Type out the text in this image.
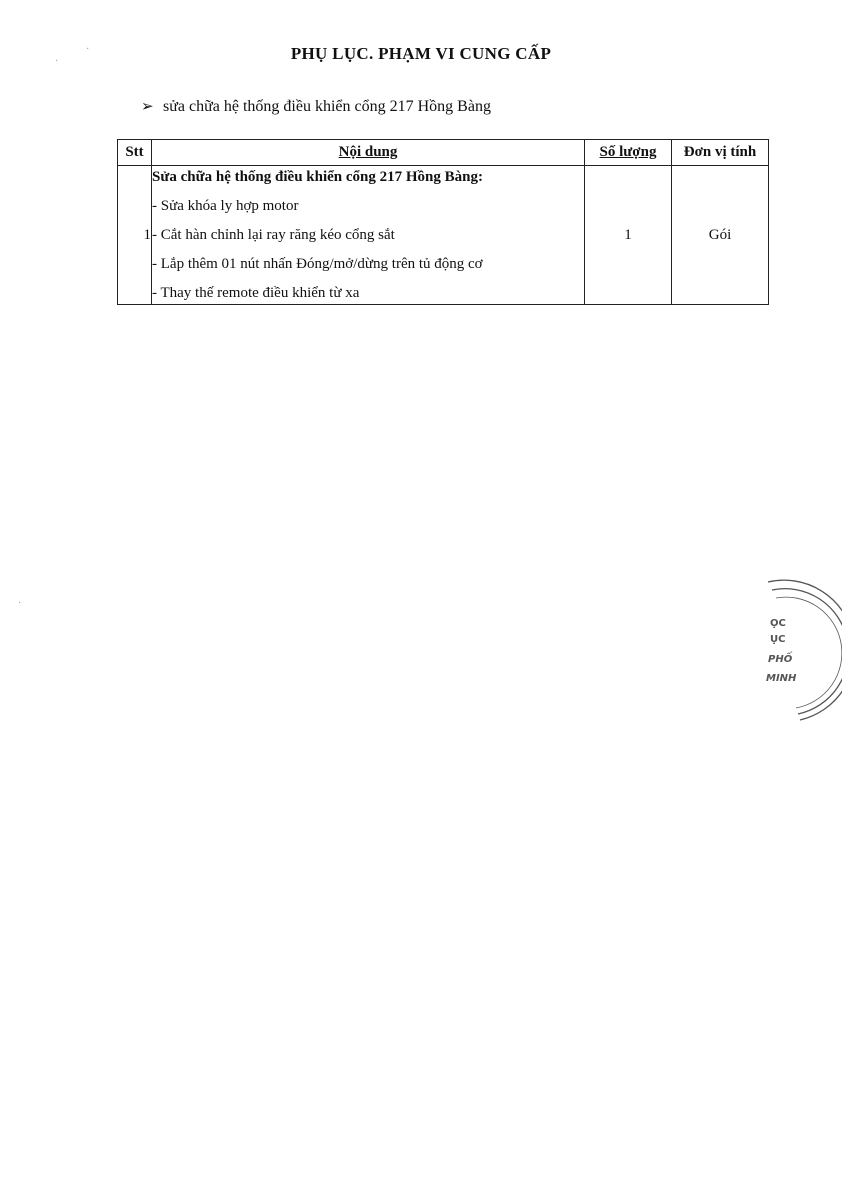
PHỤ LỤC. PHẠM VI CUNG CẤP
➢ sửa chữa hệ thống điều khiển cổng 217 Hồng Bàng
Stt	Nội dung	Số lượng	Đơn vị tính
1	Sửa chữa hệ thống điều khiển cổng 217 Hồng Bàng:
- Sửa khóa ly hợp motor
- Cắt hàn chỉnh lại ray răng kéo cổng sắt
- Lắp thêm 01 nút nhấn Đóng/mở/dừng trên tủ động cơ
- Thay thế remote điều khiển từ xa	1	Gói
ỌC
ỤC
PHỐ
MINH
·
·
·
